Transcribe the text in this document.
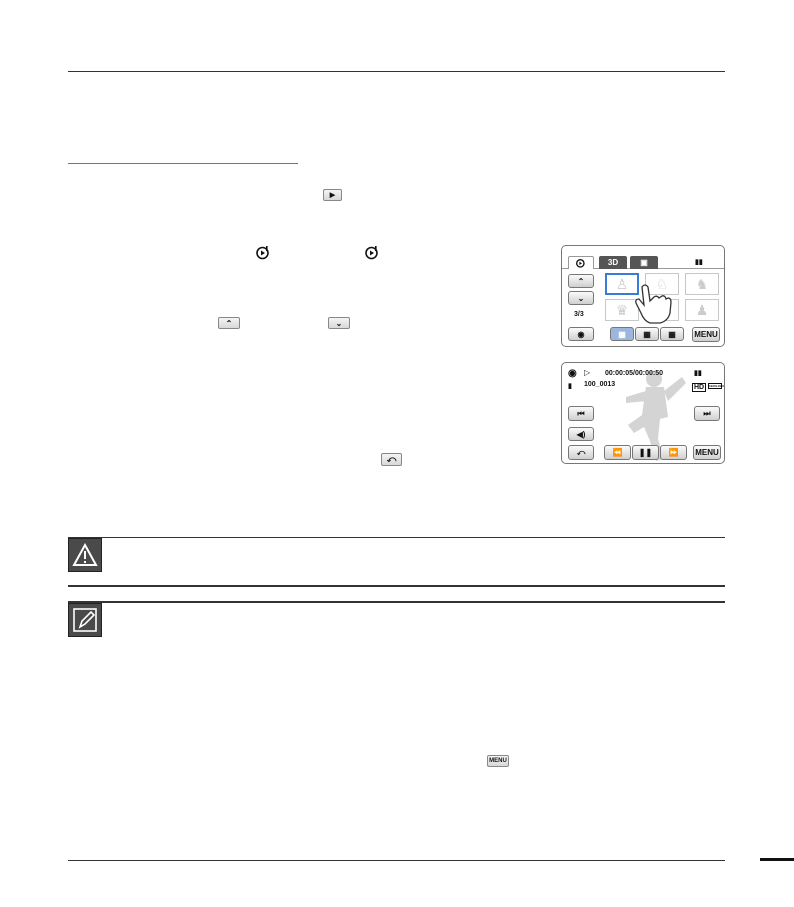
▶
⌃	⌄
⤺
3D	▣	▮▮
⌃
⌄
3/3
♙	♘	♞
♛	♟
◉	▦ ▦ ▦ MENU
◉ ▷ 00:00:05/00:00:50	▮▮
▮ 100_0013	HD	1920x1080
⏮	⏭
◀)
⤺	⏪ ❚❚ ⏩ MENU
MENU
